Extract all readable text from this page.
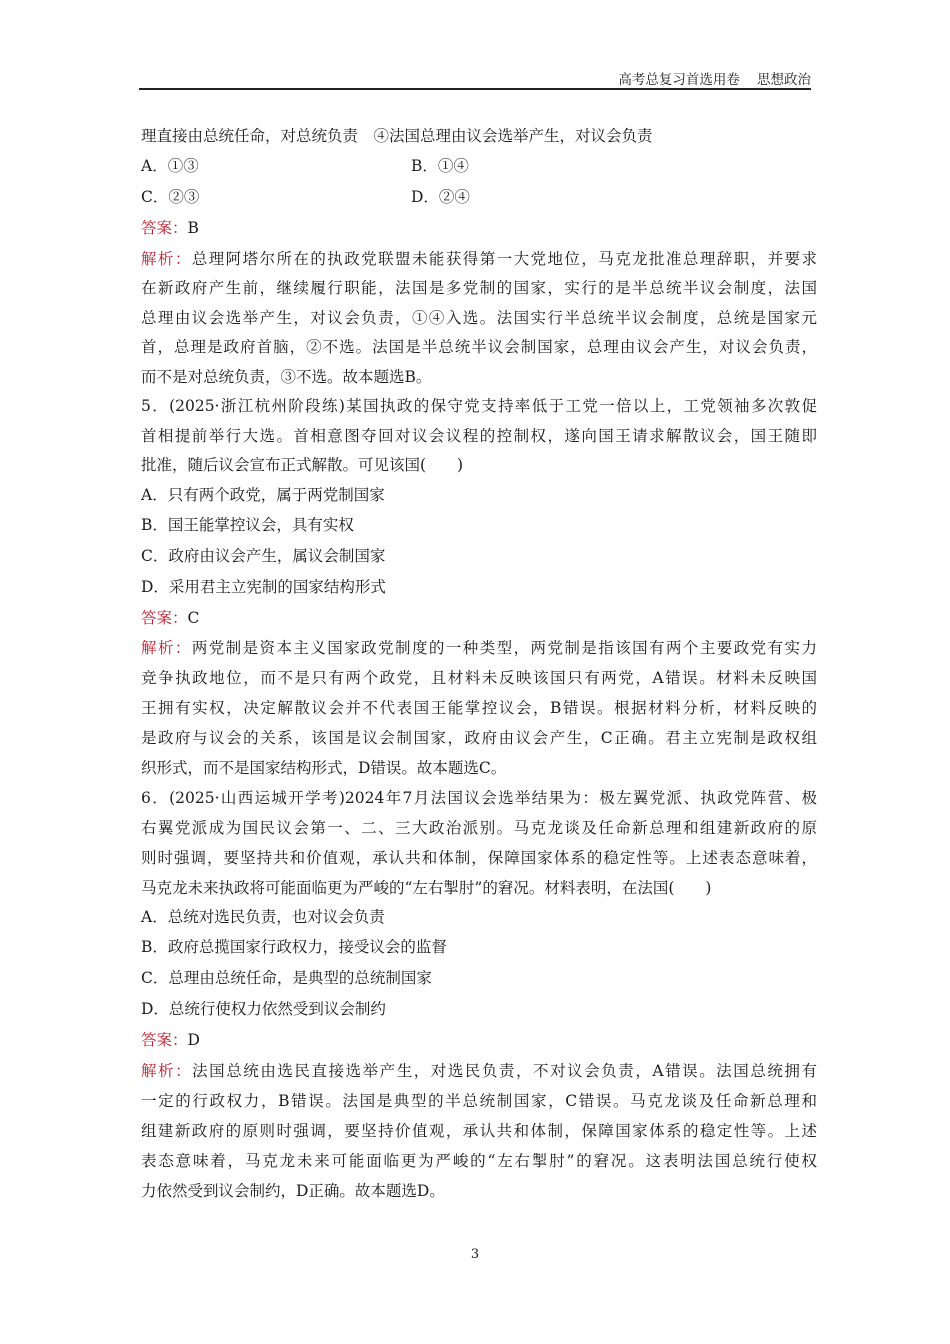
高考总复习首选用卷 思想政治
理直接由总统任命，对总统负责　④法国总理由议会选举产生，对议会负责
A．①③	B．①④
C．②③	D．②④
答案：B
解析：总理阿塔尔所在的执政党联盟未能获得第一大党地位，马克龙批准总理辞职，并要求
在新政府产生前，继续履行职能，法国是多党制的国家，实行的是半总统半议会制度，法国
总理由议会选举产生，对议会负责，①④入选。法国实行半总统半议会制度，总统是国家元
首，总理是政府首脑，②不选。法国是半总统半议会制国家，总理由议会产生，对议会负责，
而不是对总统负责，③不选。故本题选B。
5．(2025·浙江杭州阶段练)某国执政的保守党支持率低于工党一倍以上，工党领袖多次敦促
首相提前举行大选。首相意图夺回对议会议程的控制权，遂向国王请求解散议会，国王随即
批准，随后议会宣布正式解散。可见该国(　　)
A．只有两个政党，属于两党制国家
B．国王能掌控议会，具有实权
C．政府由议会产生，属议会制国家
D．采用君主立宪制的国家结构形式
答案：C
解析：两党制是资本主义国家政党制度的一种类型，两党制是指该国有两个主要政党有实力
竞争执政地位，而不是只有两个政党，且材料未反映该国只有两党，A错误。材料未反映国
王拥有实权，决定解散议会并不代表国王能掌控议会，B错误。根据材料分析，材料反映的
是政府与议会的关系，该国是议会制国家，政府由议会产生，C正确。君主立宪制是政权组
织形式，而不是国家结构形式，D错误。故本题选C。
6．(2025·山西运城开学考)2024年7月法国议会选举结果为：极左翼党派、执政党阵营、极
右翼党派成为国民议会第一、二、三大政治派别。马克龙谈及任命新总理和组建新政府的原
则时强调，要坚持共和价值观，承认共和体制，保障国家体系的稳定性等。上述表态意味着，
马克龙未来执政将可能面临更为严峻的“左右掣肘”的窘况。材料表明，在法国(　　)
A．总统对选民负责，也对议会负责
B．政府总揽国家行政权力，接受议会的监督
C．总理由总统任命，是典型的总统制国家
D．总统行使权力依然受到议会制约
答案：D
解析：法国总统由选民直接选举产生，对选民负责，不对议会负责，A错误。法国总统拥有
一定的行政权力，B错误。法国是典型的半总统制国家，C错误。马克龙谈及任命新总理和
组建新政府的原则时强调，要坚持价值观，承认共和体制，保障国家体系的稳定性等。上述
表态意味着，马克龙未来可能面临更为严峻的“左右掣肘”的窘况。这表明法国总统行使权
力依然受到议会制约，D正确。故本题选D。
3
